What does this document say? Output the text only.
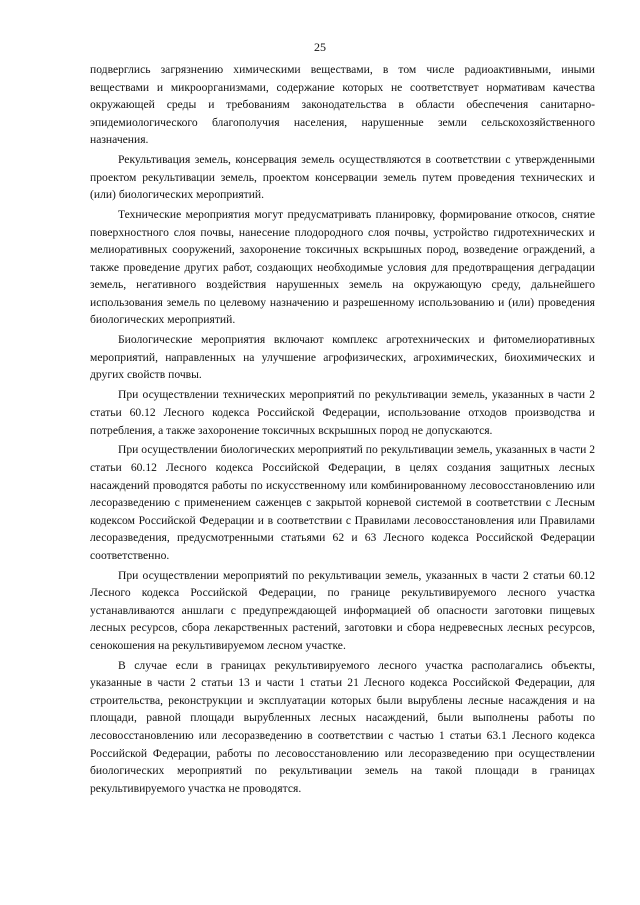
25

подверглись загрязнению химическими веществами, в том числе радиоактивными, иными веществами и микроорганизмами, содержание которых не соответствует нормативам качества окружающей среды и требованиям законодательства в области обеспечения санитарно-эпидемиологического благополучия населения, нарушенные земли сельскохозяйственного назначения.

Рекультивация земель, консервация земель осуществляются в соответствии с утвержденными проектом рекультивации земель, проектом консервации земель путем проведения технических и (или) биологических мероприятий.

Технические мероприятия могут предусматривать планировку, формирование откосов, снятие поверхностного слоя почвы, нанесение плодородного слоя почвы, устройство гидротехнических и мелиоративных сооружений, захоронение токсичных вскрышных пород, возведение ограждений, а также проведение других работ, создающих необходимые условия для предотвращения деградации земель, негативного воздействия нарушенных земель на окружающую среду, дальнейшего использования земель по целевому назначению и разрешенному использованию и (или) проведения биологических мероприятий.

Биологические мероприятия включают комплекс агротехнических и фитомелиоративных мероприятий, направленных на улучшение агрофизических, агрохимических, биохимических и других свойств почвы.

При осуществлении технических мероприятий по рекультивации земель, указанных в части 2 статьи 60.12 Лесного кодекса Российской Федерации, использование отходов производства и потребления, а также захоронение токсичных вскрышных пород не допускаются.

При осуществлении биологических мероприятий по рекультивации земель, указанных в части 2 статьи 60.12 Лесного кодекса Российской Федерации, в целях создания защитных лесных насаждений проводятся работы по искусственному или комбинированному лесовосстановлению или лесоразведению с применением саженцев с закрытой корневой системой в соответствии с Лесным кодексом Российской Федерации и в соответствии с Правилами лесовосстановления или Правилами лесоразведения, предусмотренными статьями 62 и 63 Лесного кодекса Российской Федерации соответственно.

При осуществлении мероприятий по рекультивации земель, указанных в части 2 статьи 60.12 Лесного кодекса Российской Федерации, по границе рекультивируемого лесного участка устанавливаются аншлаги с предупреждающей информацией об опасности заготовки пищевых лесных ресурсов, сбора лекарственных растений, заготовки и сбора недревесных лесных ресурсов, сенокошения на рекультивируемом лесном участке.

В случае если в границах рекультивируемого лесного участка располагались объекты, указанные в части 2 статьи 13 и части 1 статьи 21 Лесного кодекса Российской Федерации, для строительства, реконструкции и эксплуатации которых были вырублены лесные насаждения и на площади, равной площади вырубленных лесных насаждений, были выполнены работы по лесовосстановлению или лесоразведению в соответствии с частью 1 статьи 63.1 Лесного кодекса Российской Федерации, работы по лесовосстановлению или лесоразведению при осуществлении биологических мероприятий по рекультивации земель на такой площади в границах рекультивируемого участка не проводятся.
